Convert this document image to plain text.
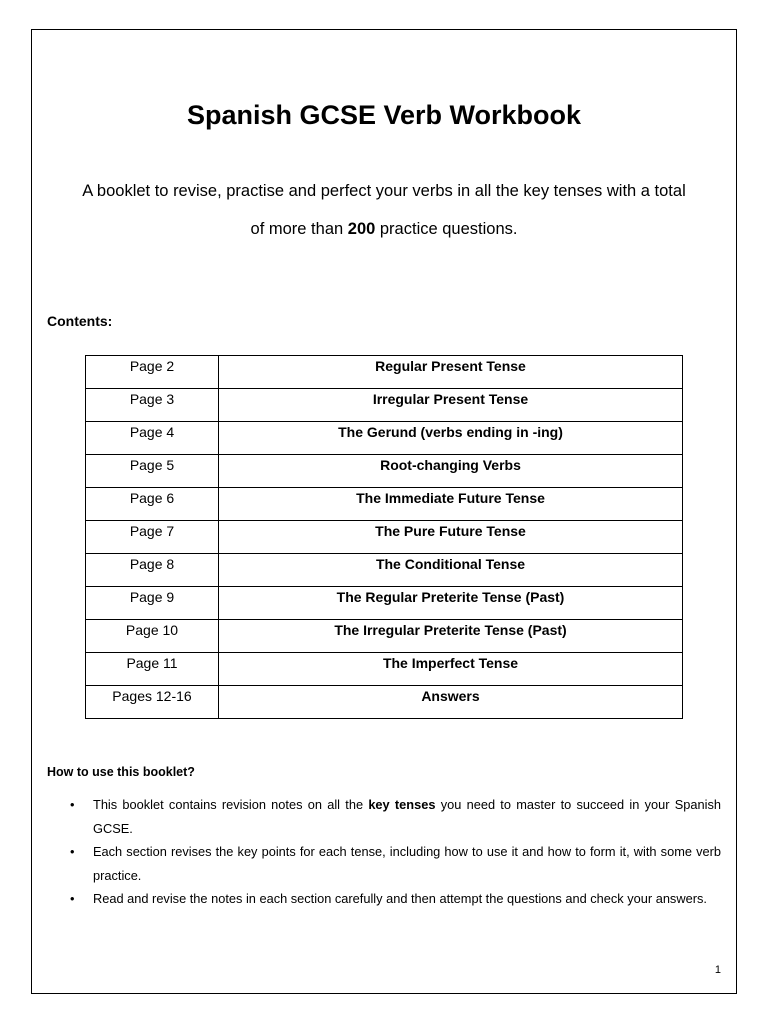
Spanish GCSE Verb Workbook
A booklet to revise, practise and perfect your verbs in all the key tenses with a total
of more than 200 practice questions.
Contents:
Page 2	Regular Present Tense
Page 3	Irregular Present Tense
Page 4	The Gerund (verbs ending in -ing)
Page 5	Root-changing Verbs
Page 6	The Immediate Future Tense
Page 7	The Pure Future Tense
Page 8	The Conditional Tense
Page 9	The Regular Preterite Tense (Past)
Page 10	The Irregular Preterite Tense (Past)
Page 11	The Imperfect Tense
Pages 12-16	Answers
How to use this booklet?
• This booklet contains revision notes on all the key tenses you need to master to succeed in your Spanish GCSE.
• Each section revises the key points for each tense, including how to use it and how to form it, with some verb practice.
• Read and revise the notes in each section carefully and then attempt the questions and check your answers.
1
